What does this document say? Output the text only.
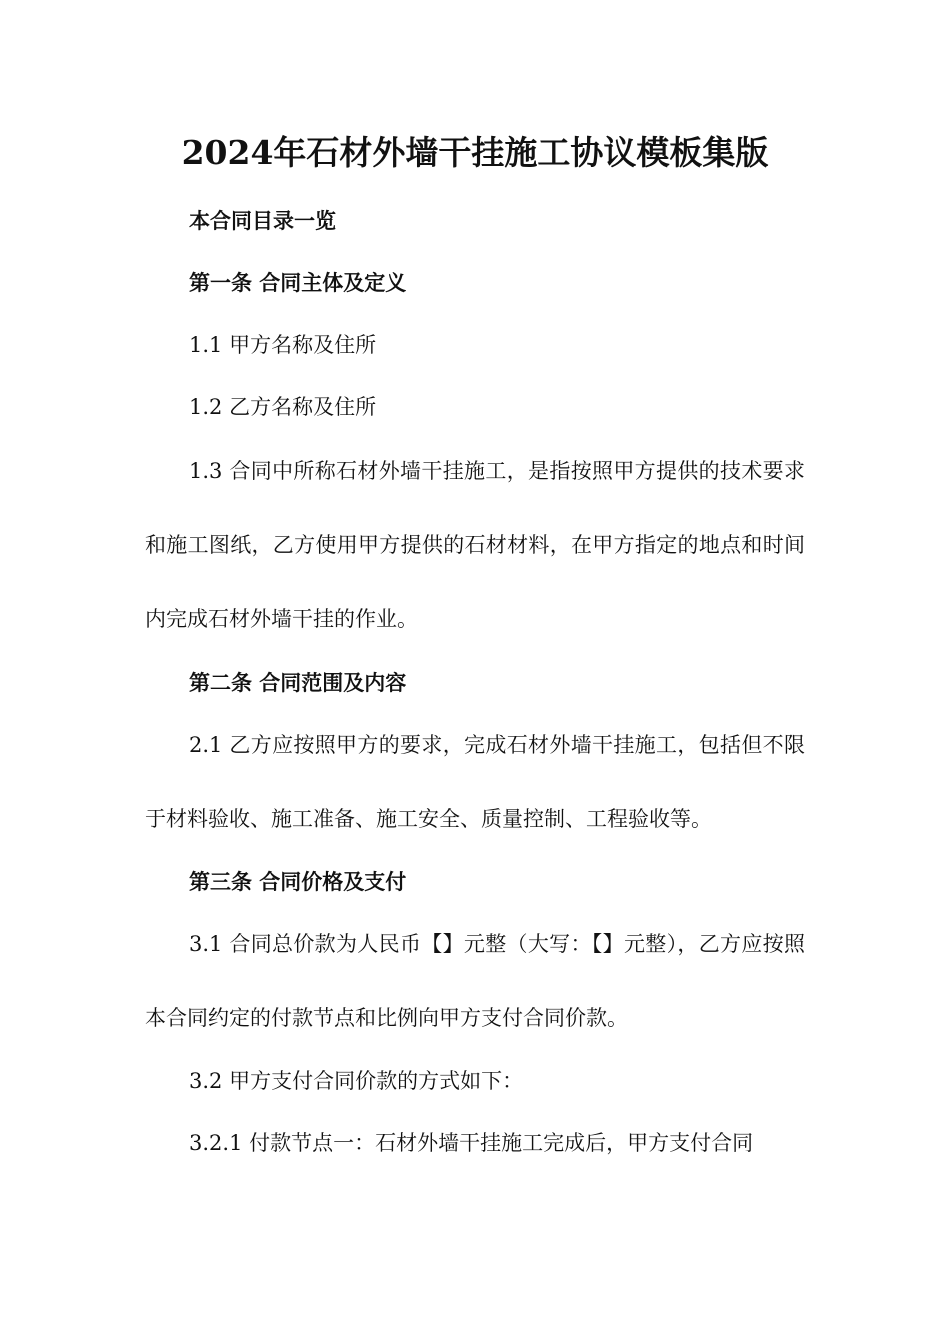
2024年石材外墙干挂施工协议模板集版

本合同目录一览

第一条 合同主体及定义

1.1 甲方名称及住所

1.2 乙方名称及住所

1.3 合同中所称石材外墙干挂施工，是指按照甲方提供的技术要求和施工图纸，乙方使用甲方提供的石材材料，在甲方指定的地点和时间内完成石材外墙干挂的作业。

第二条 合同范围及内容

2.1 乙方应按照甲方的要求，完成石材外墙干挂施工，包括但不限于材料验收、施工准备、施工安全、质量控制、工程验收等。

第三条 合同价格及支付

3.1 合同总价款为人民币【】元整（大写：【】元整），乙方应按照本合同约定的付款节点和比例向甲方支付合同价款。

3.2 甲方支付合同价款的方式如下：

3.2.1 付款节点一：石材外墙干挂施工完成后，甲方支付合同
